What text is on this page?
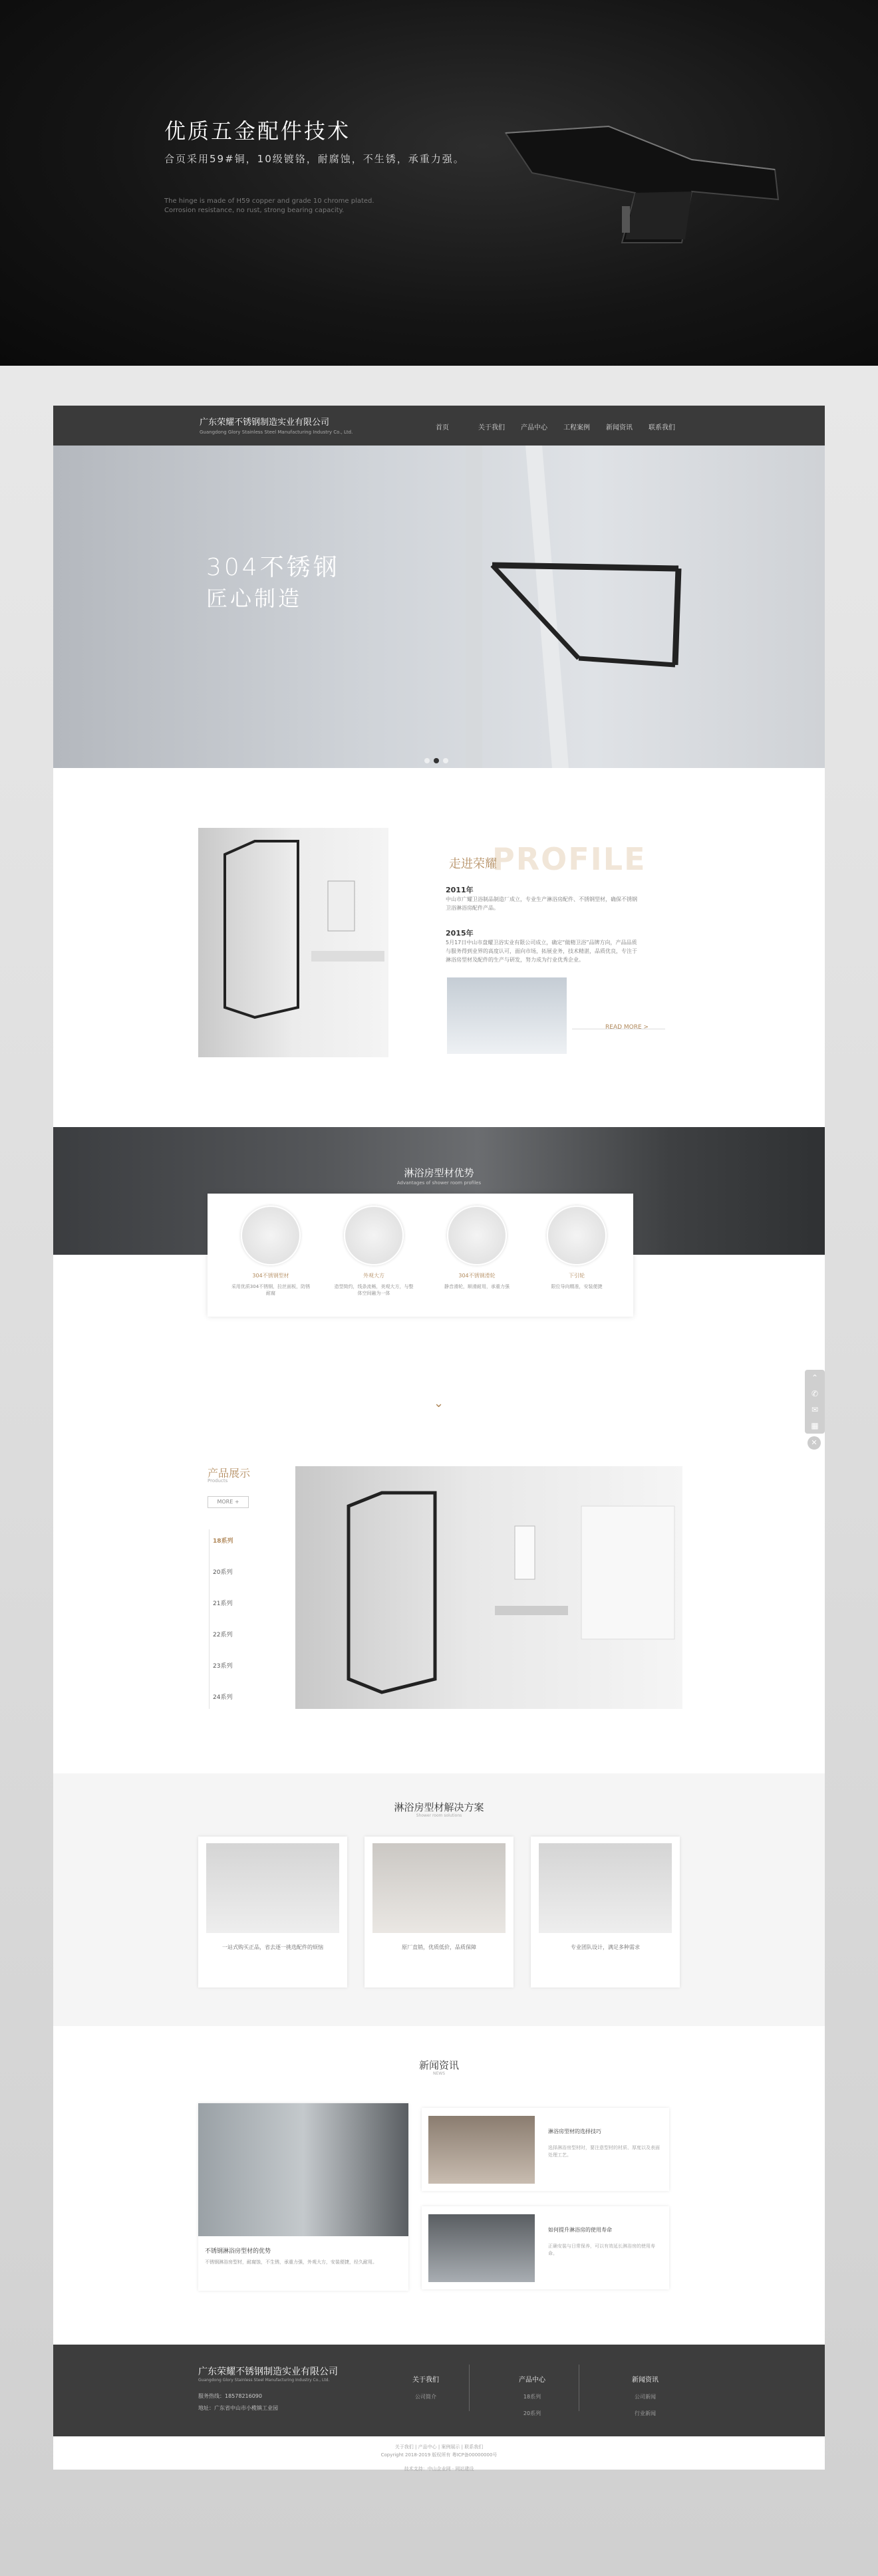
优质五金配件技术
合页采用59#铜，10级镀铬，耐腐蚀，不生锈，承重力强。
The hinge is made of H59 copper and grade 10 chrome plated. Corrosion resistance, no rust, strong bearing capacity.
广东荣耀不锈钢制造实业有限公司
Guangdong Glory Stainless Steel Manufacturing Industry Co., Ltd.
首页	关于我们	产品中心	工程案例	新闻资讯	联系我们
304不锈钢
匠心制造
PROFILE
走进荣耀
2011年
中山市广耀卫浴制品制造厂成立，专业生产淋浴房配件、不锈钢型材，确保不锈钢卫浴淋浴房配件产品。
2015年
5月17日中山市盘耀卫浴实业有限公司成立，确定“做精卫浴”品牌方向，产品品质与服务得到业界的高度认可，面向市场，拓展业务，技术精湛，品质优良，专注于淋浴房型材及配件的生产与研发，努力成为行业优秀企业。
READ MORE >
淋浴房型材优势
Advantages of shower room profiles
304不锈钢型材
采用优质304不锈钢，拉丝面板，防锈耐腐
外观大方
造型简约，线条流畅，美观大方，与整体空间融为一体
304不锈钢滑轮
静音滑轮，顺滑耐用，承重力强
下引轮
限位导向精准，安装便捷
⌄
产品展示
Products
MORE +
18系列
20系列
21系列
22系列
23系列
24系列
淋浴房型材解决方案
Shower room solutions
一站式购买正品，省去逐一挑选配件的烦恼	原厂直销，优质低价，品质保障	专业团队设计，满足多种需求
新闻资讯
NEWS
不锈钢淋浴房型材的优势
不锈钢淋浴房型材，耐腐蚀，不生锈，承重力强，外观大方，安装便捷，经久耐用。
淋浴房型材的选择技巧
选择淋浴房型材时，要注意型材的材质、厚度以及表面处理工艺。
如何提升淋浴房的使用寿命
正确安装与日常保养，可以有效延长淋浴房的使用寿命。
广东荣耀不锈钢制造实业有限公司
Guangdong Glory Stainless Steel Manufacturing Industry Co., Ltd.
服务热线：18578216090
地址：广东省中山市小榄镇工业园
关于我们
公司简介
产品中心
18系列
20系列
新闻资讯
公司新闻
行业新闻
关于我们 | 产品中心 | 案例展示 | 联系我们
Copyright 2018-2019 版权所有 粤ICP备00000000号
技术支持：中山企业网 · 网站建设
⌃
✆
✉
▦
✕
